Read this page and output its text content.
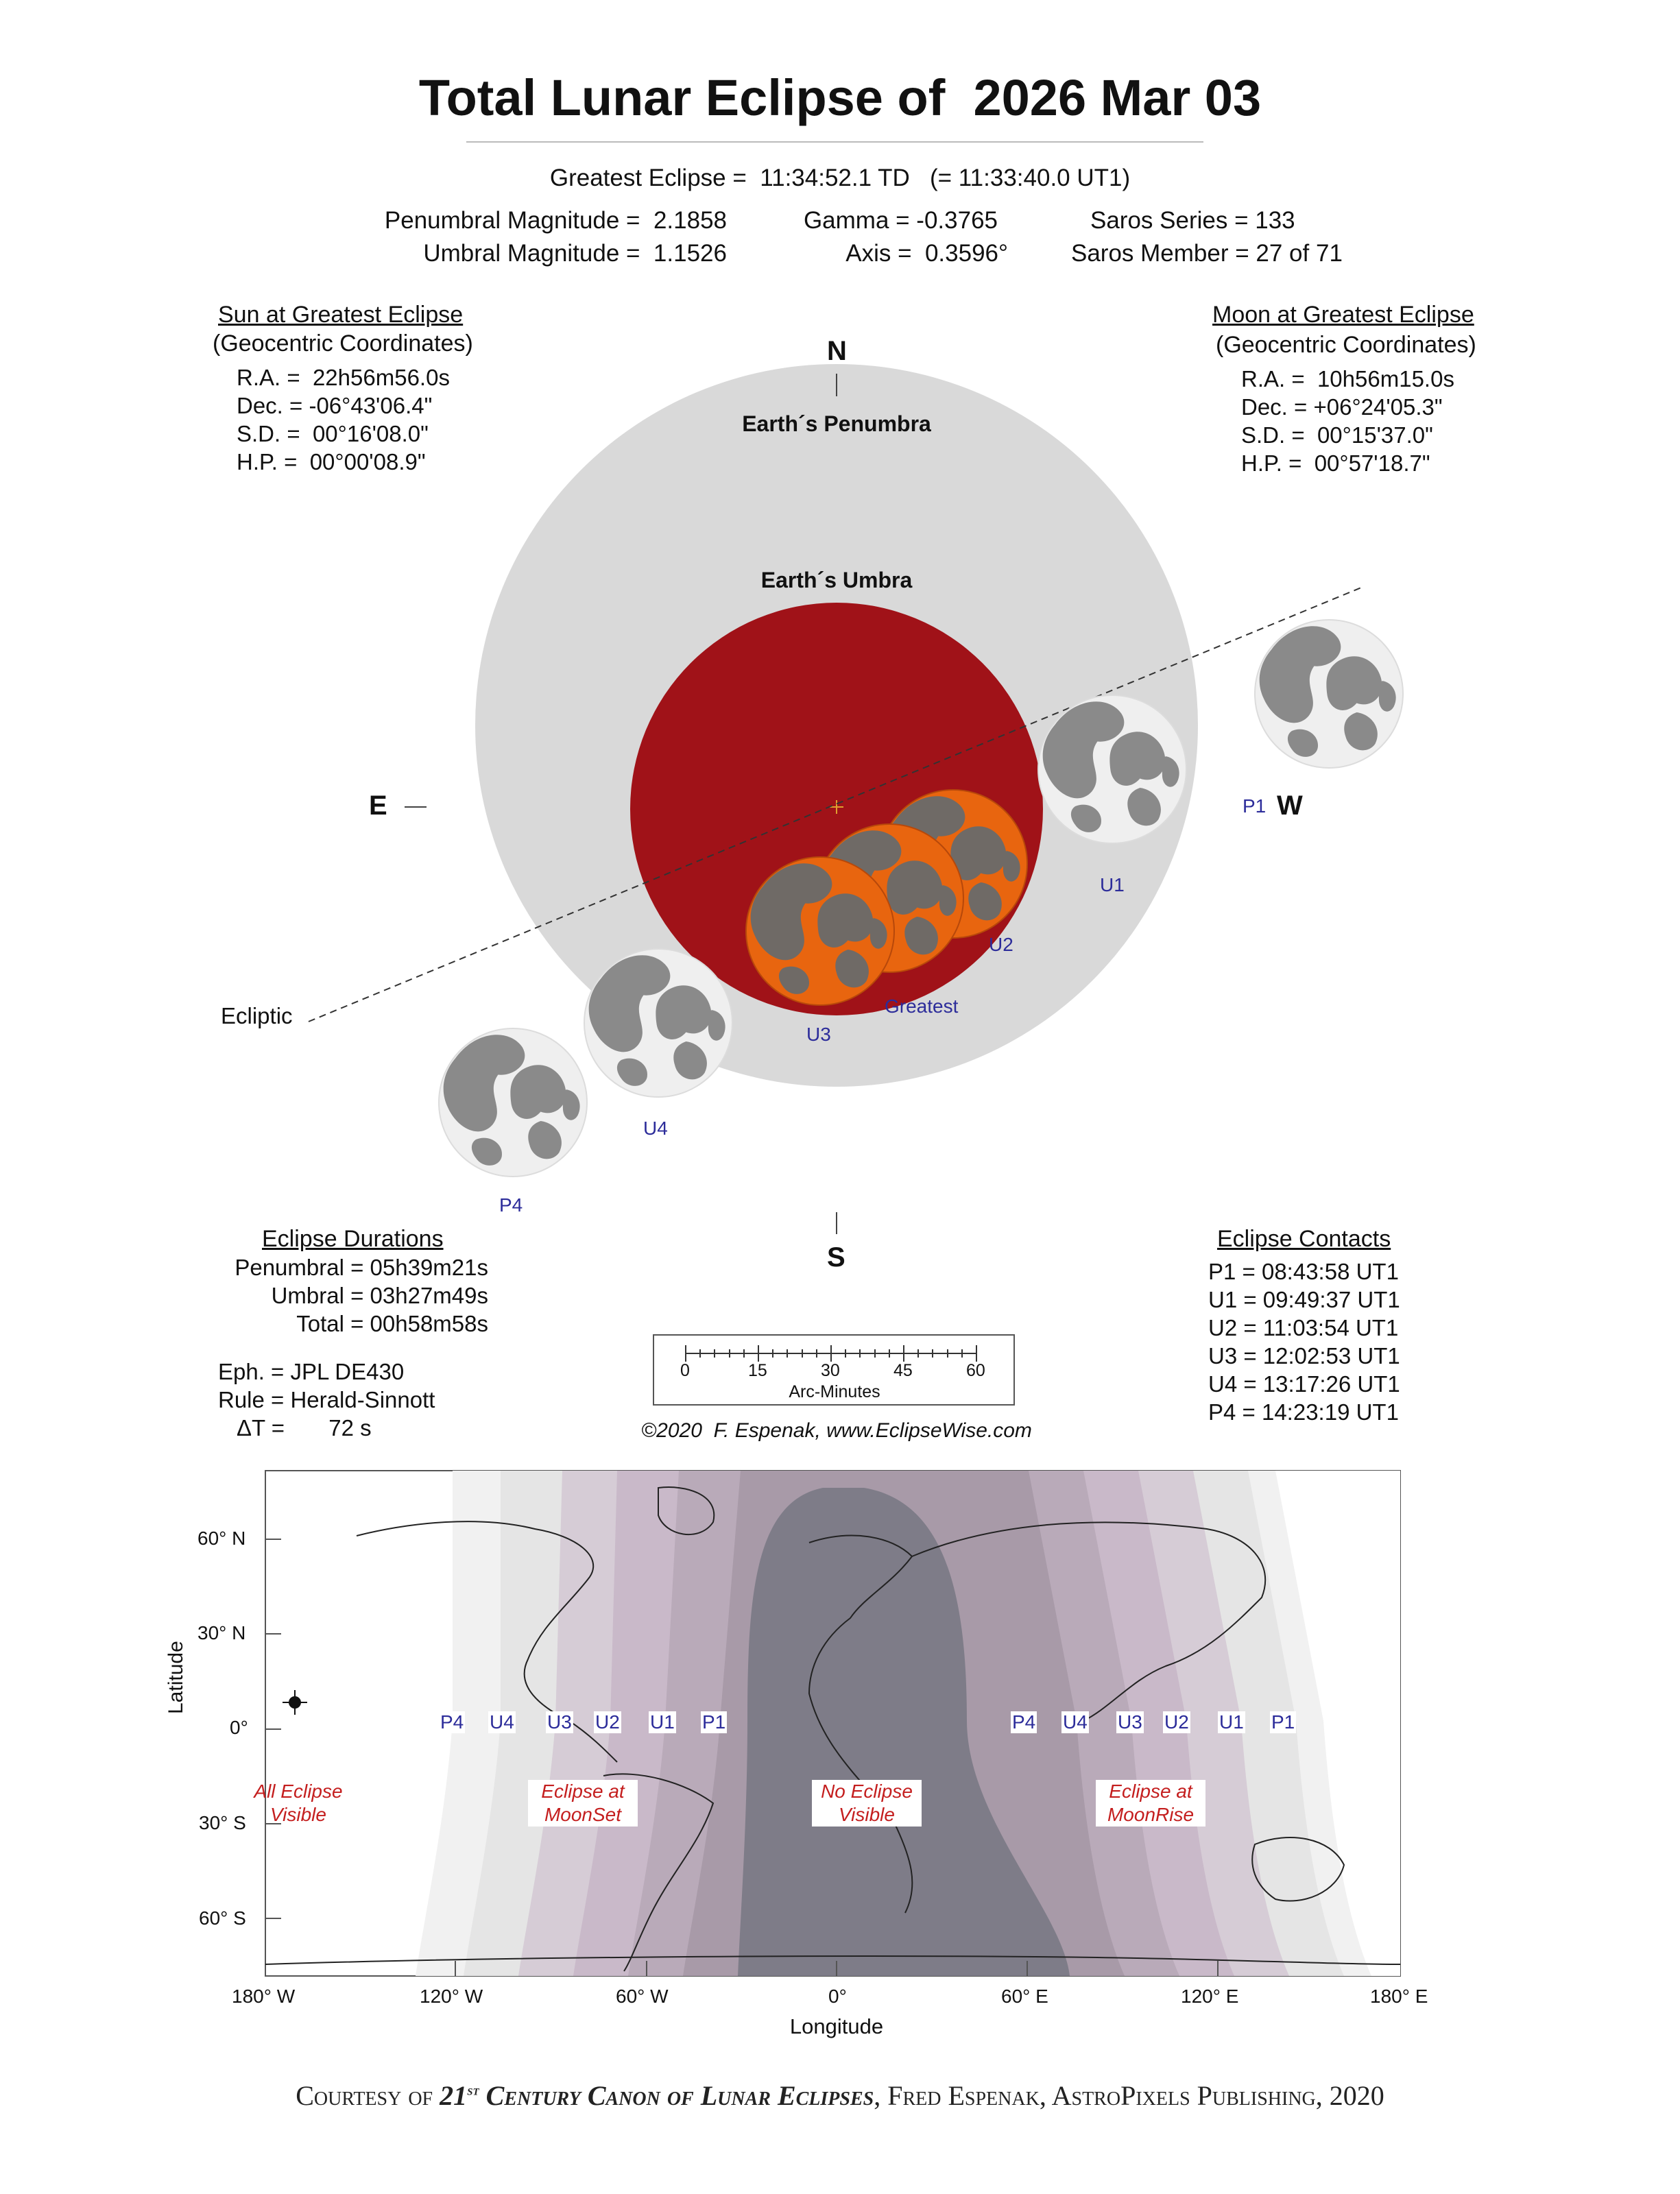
Total Lunar Eclipse of  2026 Mar 03
Greatest Eclipse =  11:34:52.1 TD   (= 11:33:40.0 UT1)
Penumbral Magnitude =  2.1858
Umbral Magnitude =  1.1526
Gamma = -0.3765
Axis =  0.3596°
Saros Series = 133
Saros Member = 27 of 71
Sun at Greatest Eclipse
(Geocentric Coordinates)
R.A. =  22h56m56.0s
Dec. = -06°43'06.4"
S.D. =  00°16'08.0"
H.P. =  00°00'08.9"
Moon at Greatest Eclipse
(Geocentric Coordinates)
R.A. =  10h56m15.0s
Dec. = +06°24'05.3"
S.D. =  00°15'37.0"
H.P. =  00°57'18.7"
N
S
E	W
Earth´s Penumbra
Earth´s Umbra
Ecliptic
P1
U1
U2
Greatest
U3
U4
P4
Eclipse Durations
Penumbral = 05h39m21s
Umbral = 03h27m49s
Total = 00h58m58s
Eph. = JPL DE430
Rule = Herald-Sinnott
ΔT =       72 s
Eclipse Contacts
P1 = 08:43:58 UT1
U1 = 09:49:37 UT1
U2 = 11:03:54 UT1
U3 = 12:02:53 UT1
U4 = 13:17:26 UT1
P4 = 14:23:19 UT1
0	15	30	45	60
Arc-Minutes
©2020  F. Espenak, www.EclipseWise.com
60° N
30° N
0°
30° S
60° S
Latitude
180° W	120° W	60° W	0°	60° E	120° E	180° E
Longitude
P4 U4 U3 U2 U1 P1	P4 U4 U3 U2 U1 P1
All Eclipse
Visible
Eclipse at
MoonSet
No Eclipse
Visible
Eclipse at
MoonRise
Courtesy of 21st Century Canon of Lunar Eclipses, Fred Espenak, AstroPixels Publishing, 2020
